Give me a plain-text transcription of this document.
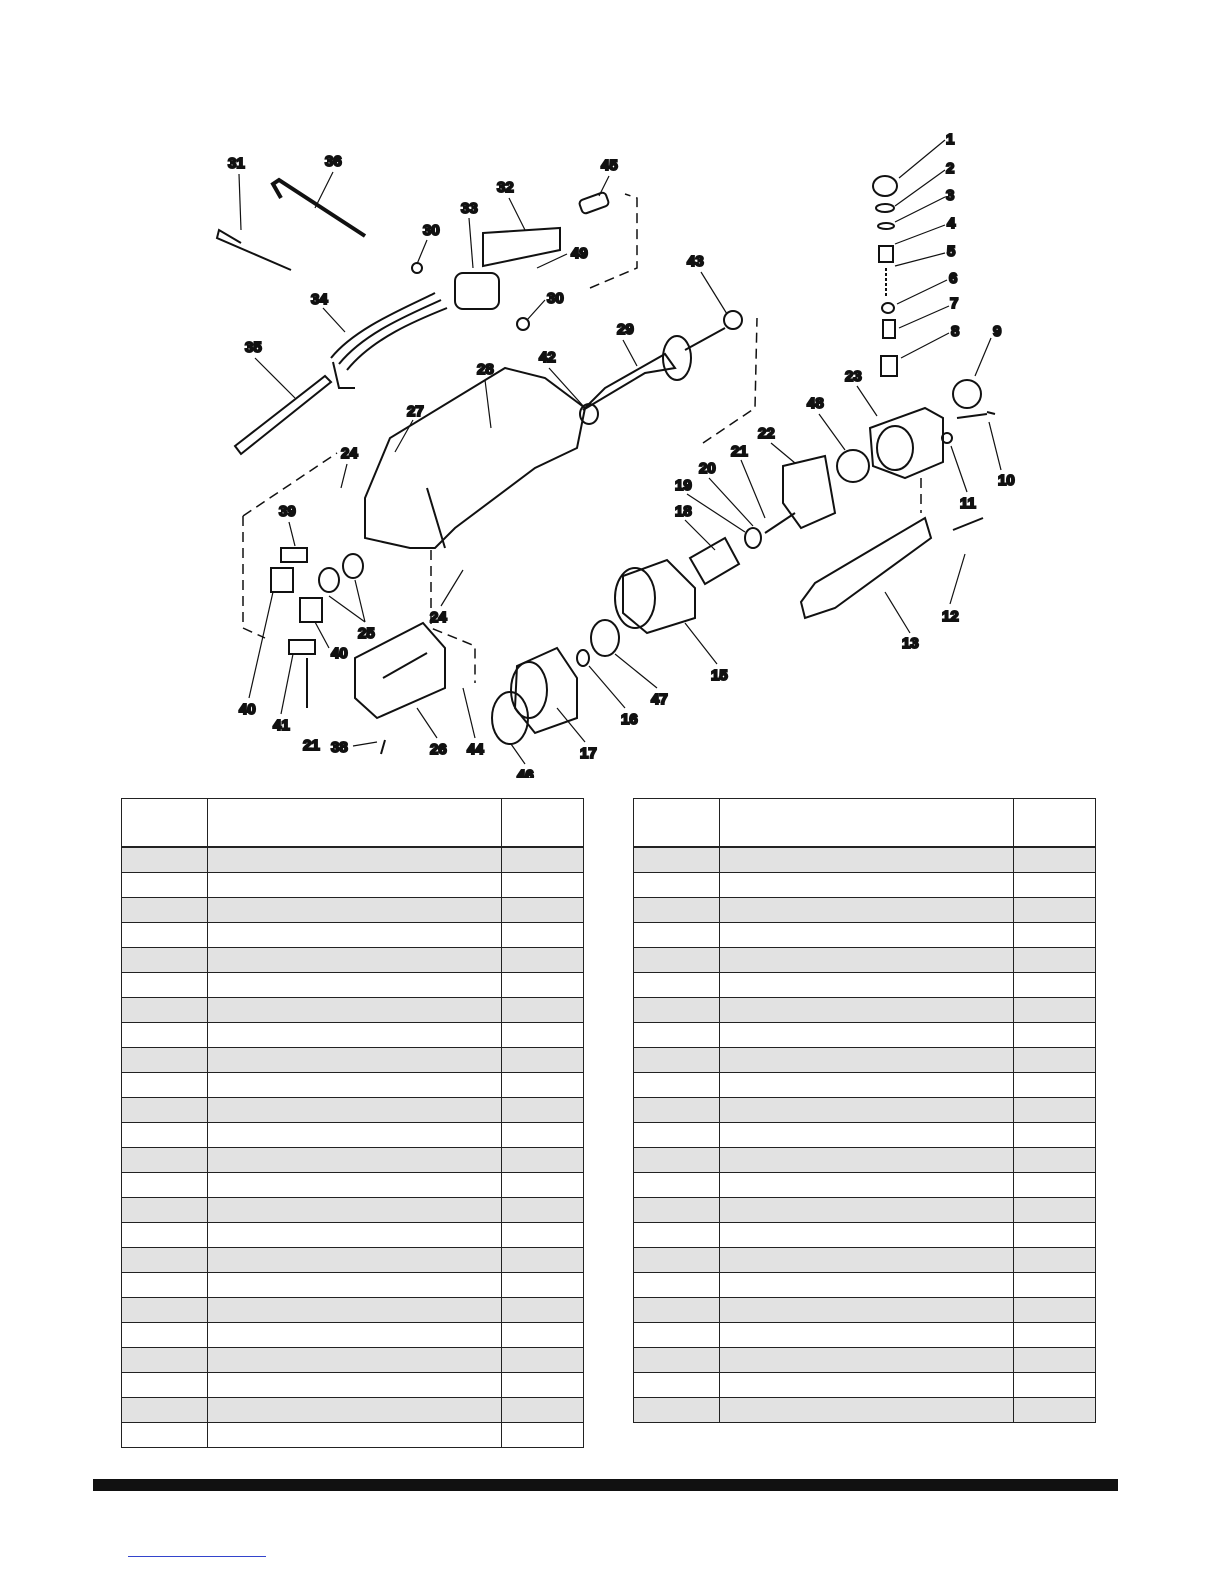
1
2
3
4
5
6
7
8 9
10
11
12
13
15
16
17
18
19
20
21
22
23
24
24
25
26
27
28
29
30
30
31	36
32
33
34
35
38
39
40
40
41
21
42
43
44
45
46
47
48
49
